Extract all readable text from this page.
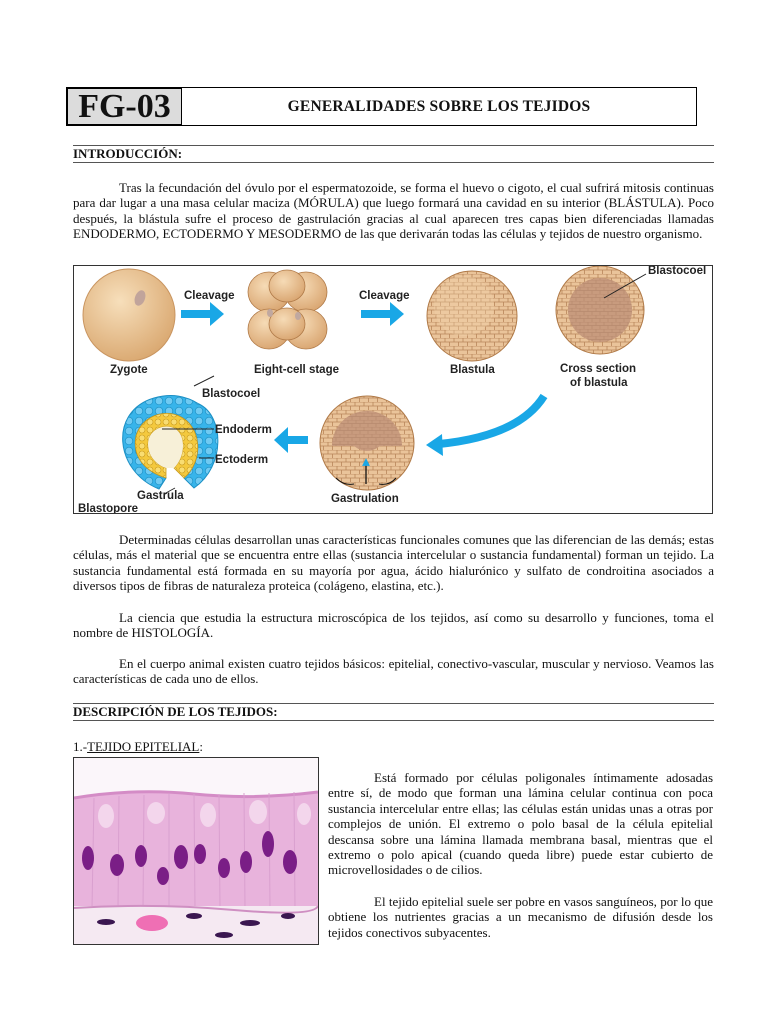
FG-03	GENERALIDADES SOBRE LOS TEJIDOS
INTRODUCCIÓN:
Tras la fecundación del óvulo por el espermatozoide, se forma el huevo o cigoto, el cual sufrirá mitosis continuas para dar lugar a una masa celular maciza (MÓRULA) que luego formará una cavidad en su interior (BLÁSTULA). Poco después, la blástula sufre el proceso de gastrulación gracias al cual aparecen tres capas bien diferenciadas llamadas ENDODERMO, ECTODERMO Y MESODERMO de las que derivarán todas las células y tejidos de nuestro organismo.
Zygote
Cleavage
Eight-cell stage
Cleavage
Blastula
Blastocoel
Cross section
of blastula
Gastrulation
Blastocoel
Endoderm
Ectoderm
Gastrula
Blastopore
Determinadas células desarrollan unas características funcionales comunes que las diferencian de las demás; estas células, más el material que se encuentra entre ellas (sustancia intercelular o sustancia fundamental) forman un tejido. La sustancia fundamental está formada en su mayoría por agua, ácido hialurónico y sulfato de condroitina asociados a diversos tipos de fibras de naturaleza proteica (colágeno, elastina, etc.).
La ciencia que estudia la estructura microscópica de los tejidos, así como su desarrollo y funciones, toma el nombre de HISTOLOGÍA.
En el cuerpo animal existen cuatro tejidos básicos: epitelial, conectivo-vascular, muscular y nervioso. Veamos las características de cada uno de ellos.
DESCRIPCIÓN DE LOS TEJIDOS:
1.-TEJIDO EPITELIAL:
Está formado por células poligonales íntimamente adosadas entre sí, de modo que forman una lámina celular continua con poca sustancia intercelular entre ellas; las células están unidas unas a otras por complejos de unión. El extremo o polo basal de la célula epitelial descansa sobre una lámina llamada membrana basal, mientras que el extremo o polo apical (cuando queda libre) puede estar cubierto de microvellosidades o de cilios.
El tejido epitelial suele ser pobre en vasos sanguíneos, por lo que obtiene los nutrientes gracias a un mecanismo de difusión desde los tejidos conectivos subyacentes.
